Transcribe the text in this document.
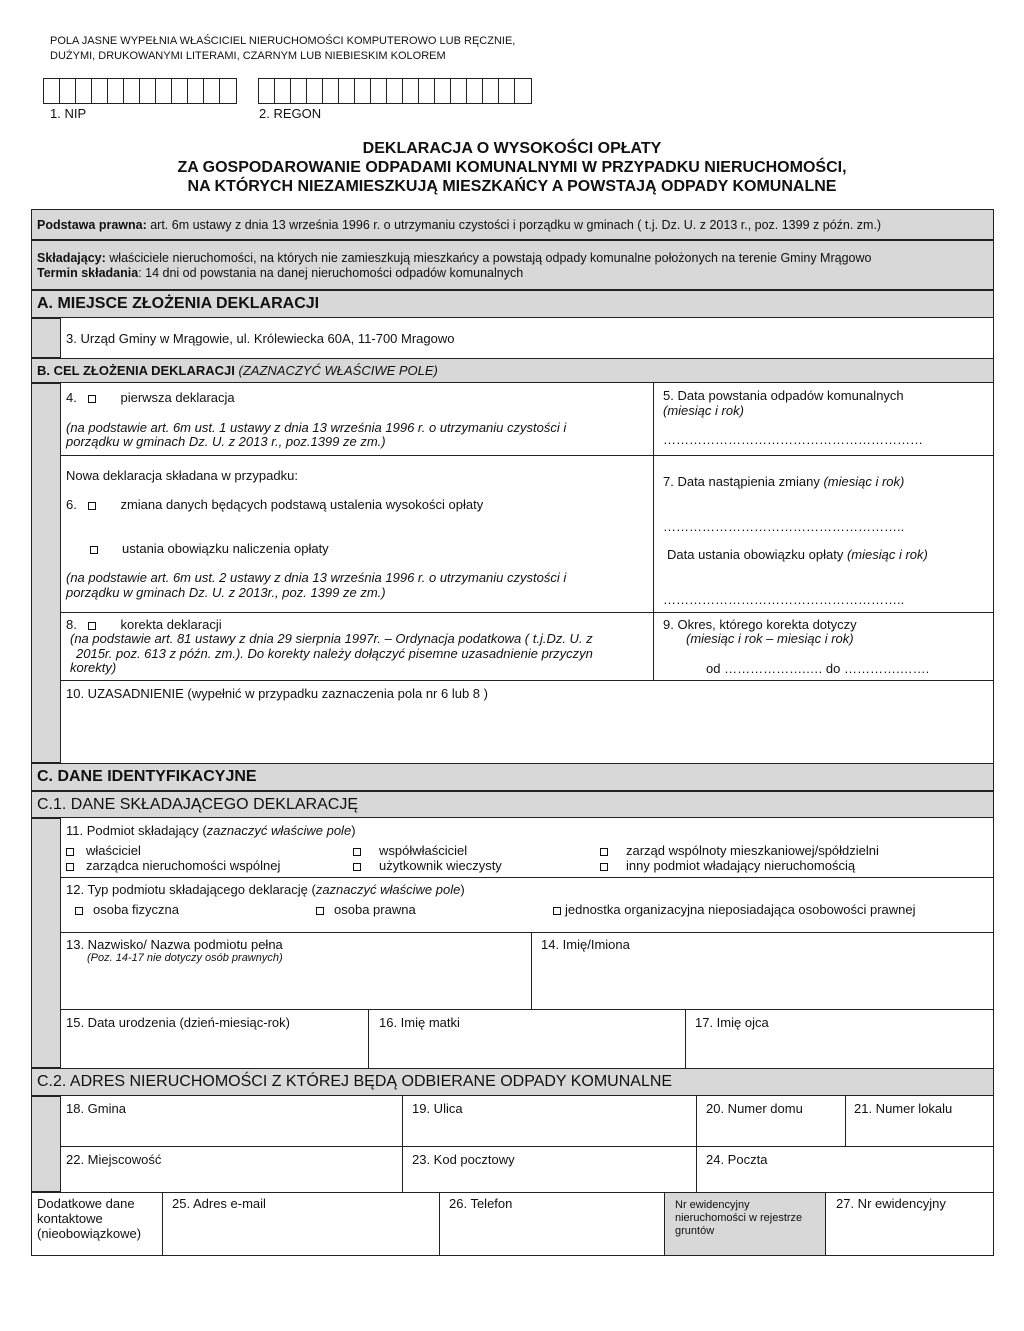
POLA JASNE WYPEŁNIA WŁAŚCICIEL NIERUCHOMOŚCI KOMPUTEROWO LUB RĘCZNIE,
DUŻYMI, DRUKOWANYMI LITERAMI, CZARNYM LUB NIEBIESKIM KOLOREM
1. NIP	2. REGON
DEKLARACJA O WYSOKOŚCI OPŁATY
ZA GOSPODAROWANIE ODPADAMI KOMUNALNYMI W PRZYPADKU NIERUCHOMOŚCI,
NA KTÓRYCH NIEZAMIESZKUJĄ MIESZKAŃCY A POWSTAJĄ ODPADY KOMUNALNE
Podstawa prawna: art. 6m ustawy z dnia 13 września 1996 r. o utrzymaniu czystości i porządku w gminach ( t.j. Dz. U. z 2013 r., poz. 1399 z późn. zm.)
Składający: właściciele nieruchomości, na których nie zamieszkują mieszkańcy a powstają odpady komunalne położonych na terenie Gminy Mrągowo
Termin składania: 14 dni od powstania na danej nieruchomości odpadów komunalnych
A. MIEJSCE ZŁOŻENIA DEKLARACJI
3. Urząd Gminy w Mrągowie, ul. Królewiecka 60A, 11-700 Mragowo
B. CEL ZŁOŻENIA DEKLARACJI (ZAZNACZYĆ WŁAŚCIWE POLE)
4.	pierwsza deklaracja
(na podstawie art. 6m ust. 1 ustawy z dnia 13 września 1996 r. o utrzymaniu czystości i
porządku w gminach Dz. U. z 2013 r., poz.1399 ze zm.)
5. Data powstania odpadów komunalnych
(miesiąc i rok)
……………………………………………………
Nowa deklaracja składana w przypadku:
6.	zmiana danych będących podstawą ustalenia wysokości opłaty
ustania obowiązku naliczenia opłaty
(na podstawie art. 6m ust. 2 ustawy z dnia 13 września 1996 r. o utrzymaniu czystości i
porządku w gminach Dz. U. z 2013r., poz. 1399 ze zm.)
7. Data nastąpienia zmiany (miesiąc i rok)
………………………………………………..
Data ustania obowiązku opłaty (miesiąc i rok)
………………………………………………..
8.	korekta deklaracji
(na podstawie art. 81 ustawy z dnia 29 sierpnia 1997r. – Ordynacja podatkowa ( t.j.Dz. U. z
2015r. poz. 613 z późn. zm.). Do korekty należy dołączyć pisemne uzasadnienie przyczyn
korekty)
9. Okres, którego korekta dotyczy
(miesiąc i rok – miesiąc i rok)
od ……………….…. do ………….…….
10. UZASADNIENIE (wypełnić w przypadku zaznaczenia pola nr 6 lub 8 )
C. DANE IDENTYFIKACYJNE
C.1. DANE SKŁADAJĄCEGO DEKLARACJĘ
11. Podmiot składający (zaznaczyć właściwe pole)
właściciel	współwłaściciel	zarząd wspólnoty mieszkaniowej/spółdzielni
zarządca nieruchomości wspólnej	użytkownik wieczysty	inny podmiot władający nieruchomością
12. Typ podmiotu składającego deklarację (zaznaczyć właściwe pole)
osoba fizyczna	osoba prawna	jednostka organizacyjna nieposiadająca osobowości prawnej
13. Nazwisko/ Nazwa podmiotu pełna
(Poz. 14-17 nie dotyczy osób prawnych)
14. Imię/Imiona
15. Data urodzenia (dzień-miesiąc-rok)	16. Imię matki	17. Imię ojca
C.2. ADRES NIERUCHOMOŚCI Z KTÓREJ BĘDĄ ODBIERANE ODPADY KOMUNALNE
18. Gmina	19. Ulica	20. Numer domu	21. Numer lokalu
22. Miejscowość	23. Kod pocztowy	24. Poczta
Dodatkowe dane
kontaktowe
(nieobowiązkowe)
25. Adres e-mail	26. Telefon	Nr ewidencyjny
nieruchomości w rejestrze
gruntów
27. Nr ewidencyjny
